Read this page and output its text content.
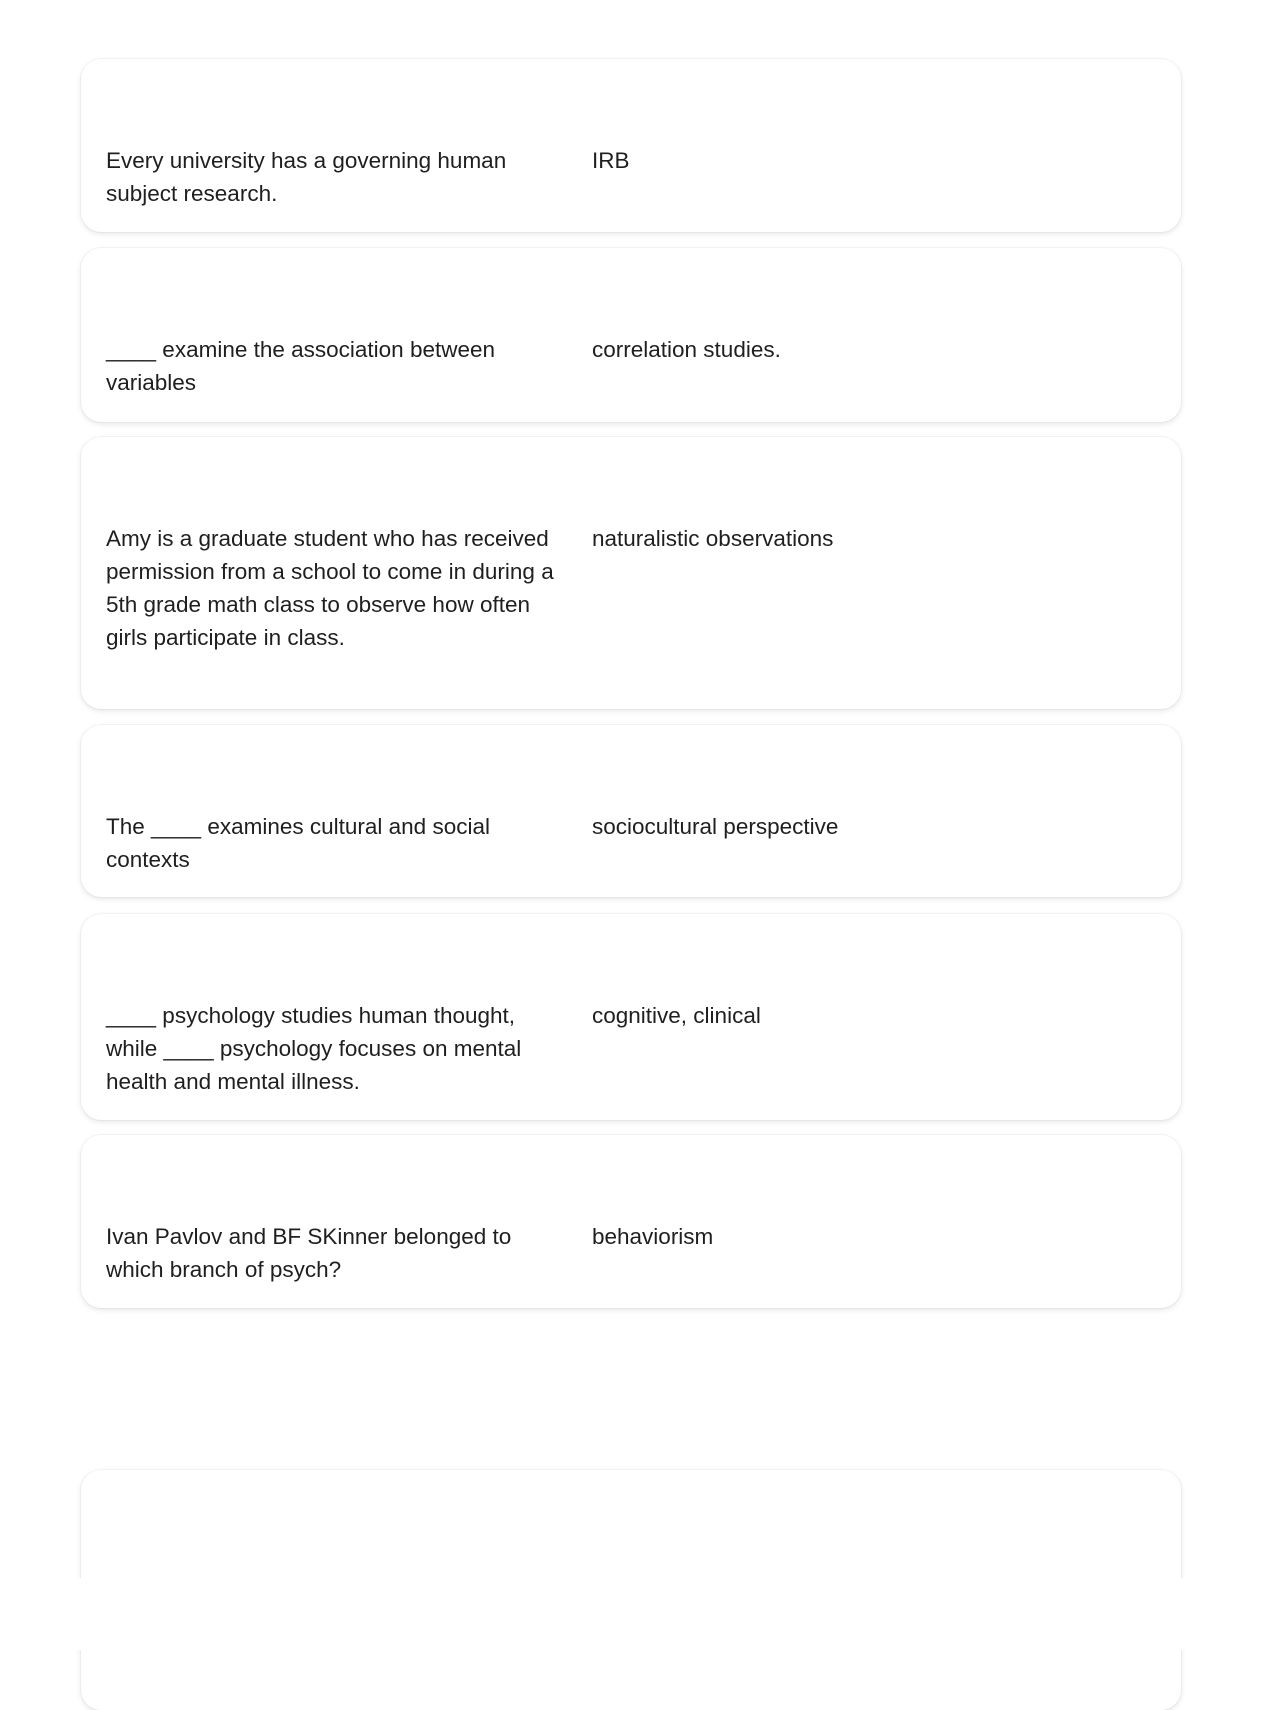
Every university has a governing human subject research.
IRB
____ examine the association between variables
correlation studies.
Amy is a graduate student who has received permission from a school to come in during a 5th grade math class to observe how often girls participate in class.
naturalistic observations
The ____ examines cultural and social contexts
sociocultural perspective
____ psychology studies human thought, while ____ psychology focuses on mental health and mental illness.
cognitive, clinical
Ivan Pavlov and BF SKinner belonged to which branch of psych?
behaviorism
